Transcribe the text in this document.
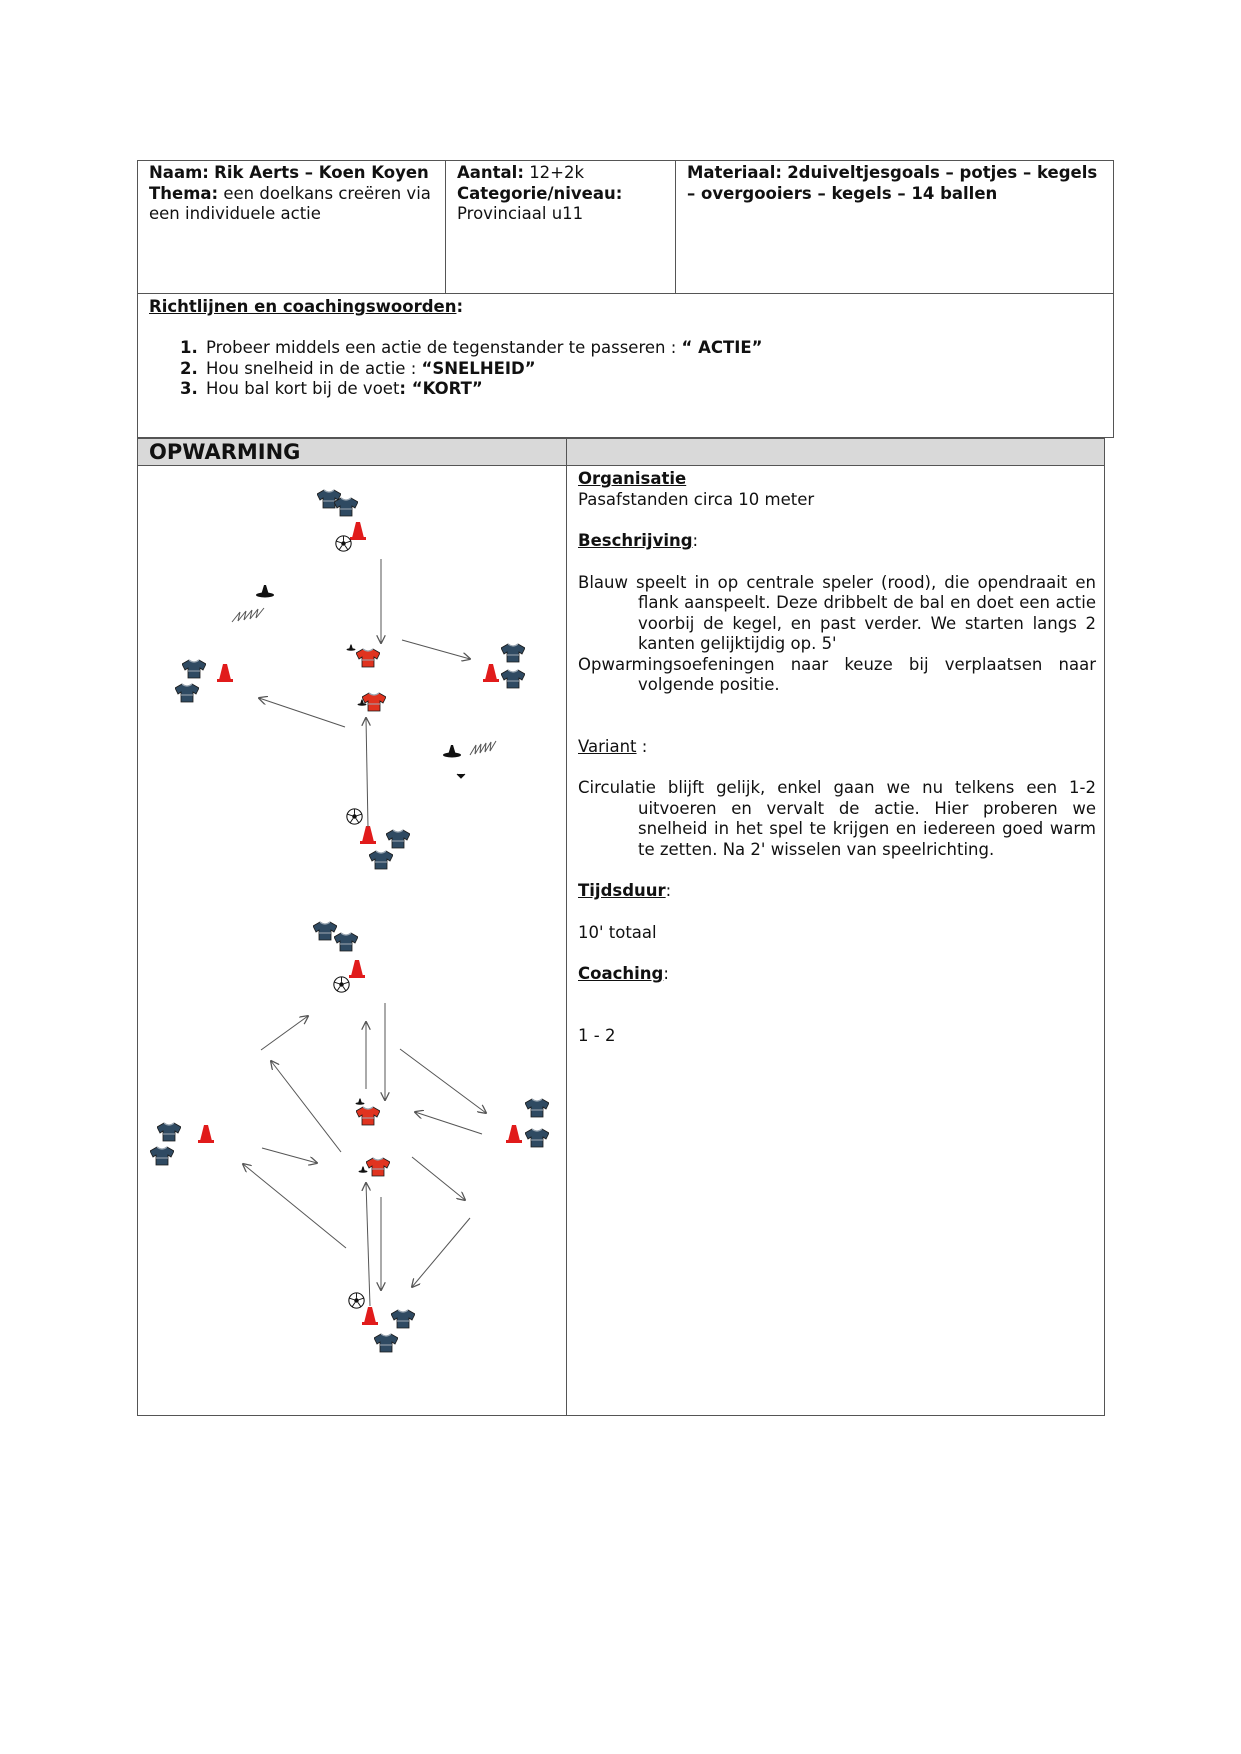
Naam: Rik Aerts – Koen Koyen
Thema: een doelkans creëren via een individuele actie
Aantal: 12+2k
Categorie/niveau:
Provinciaal u11
Materiaal: 2duiveltjesgoals – potjes – kegels – overgooiers – kegels – 14 ballen
Richtlijnen en coachingswoorden:
1. Probeer middels een actie de tegenstander te passeren : “ ACTIE”
2. Hou snelheid in de actie : “SNELHEID”
3. Hou bal kort bij de voet: “KORT”
OPWARMING

Organisatie

Pasafstanden circa 10 meter

Beschrijving:

Blauw speelt in op centrale speler (rood), die opendraait en flank aanspeelt. Deze dribbelt de bal en doet een actie voorbij de kegel, en past verder. We starten langs 2 kanten gelijktijdig op. 5'

Opwarmingsoefeningen naar keuze bij verplaatsen naar volgende positie.

Variant :

Circulatie blijft gelijk, enkel gaan we nu telkens een 1-2 uitvoeren en vervalt de actie. Hier proberen we snelheid in het spel te krijgen en iedereen goed warm te zetten. Na 2' wisselen van speelrichting.

Tijdsduur:

10' totaal

Coaching:

1 - 2
